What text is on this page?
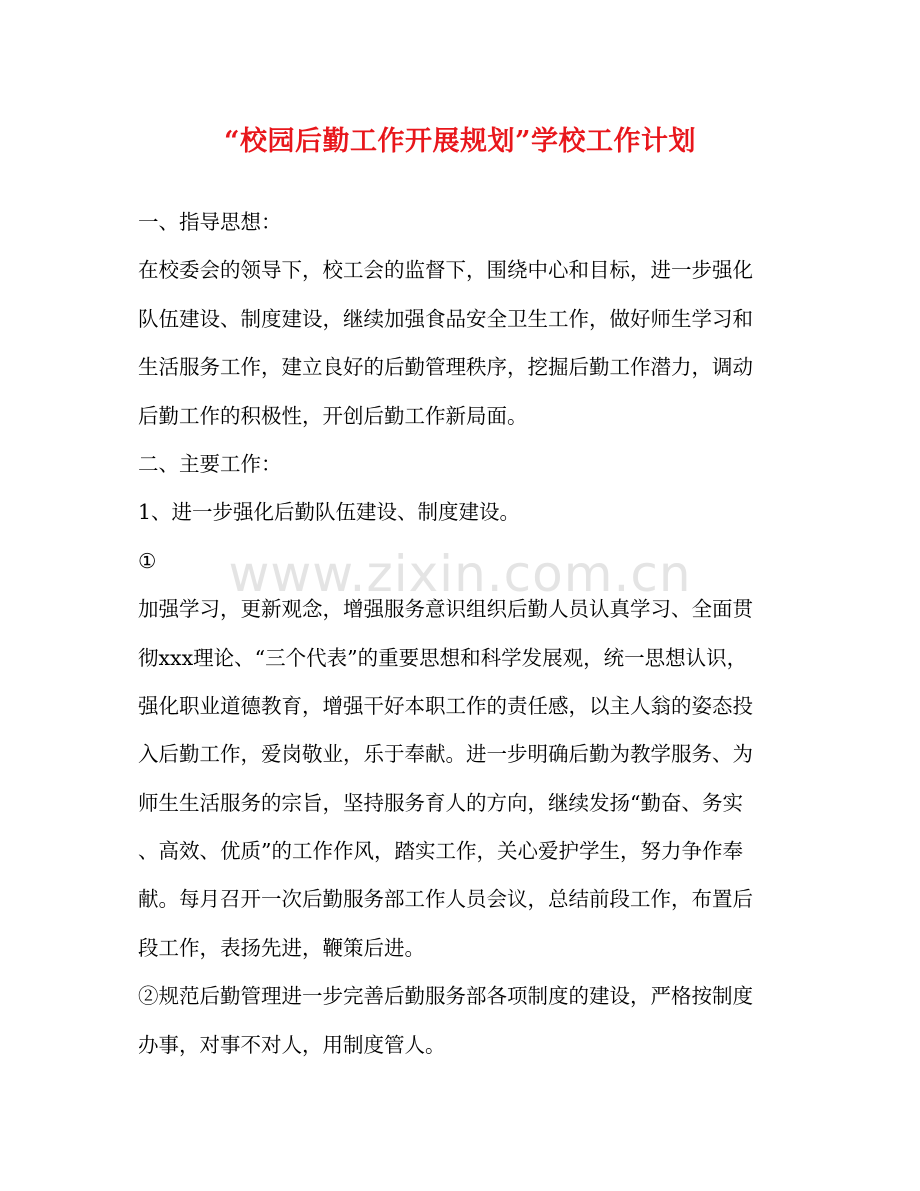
www.zixin.com.cn
“校园后勤工作开展规划”学校工作计划
一、指导思想：
在校委会的领导下，校工会的监督下，围绕中心和目标，进一步强化
队伍建设、制度建设，继续加强食品安全卫生工作，做好师生学习和
生活服务工作，建立良好的后勤管理秩序，挖掘后勤工作潜力，调动
后勤工作的积极性，开创后勤工作新局面。
二、主要工作：
1、进一步强化后勤队伍建设、制度建设。
①
加强学习，更新观念，增强服务意识组织后勤人员认真学习、全面贯
彻xxx理论、“三个代表”的重要思想和科学发展观，统一思想认识，
强化职业道德教育，增强干好本职工作的责任感，以主人翁的姿态投
入后勤工作，爱岗敬业，乐于奉献。进一步明确后勤为教学服务、为
师生生活服务的宗旨，坚持服务育人的方向，继续发扬“勤奋、务实
、高效、优质”的工作作风，踏实工作，关心爱护学生，努力争作奉
献。每月召开一次后勤服务部工作人员会议，总结前段工作，布置后
段工作，表扬先进，鞭策后进。
②规范后勤管理进一步完善后勤服务部各项制度的建设，严格按制度
办事，对事不对人，用制度管人。
